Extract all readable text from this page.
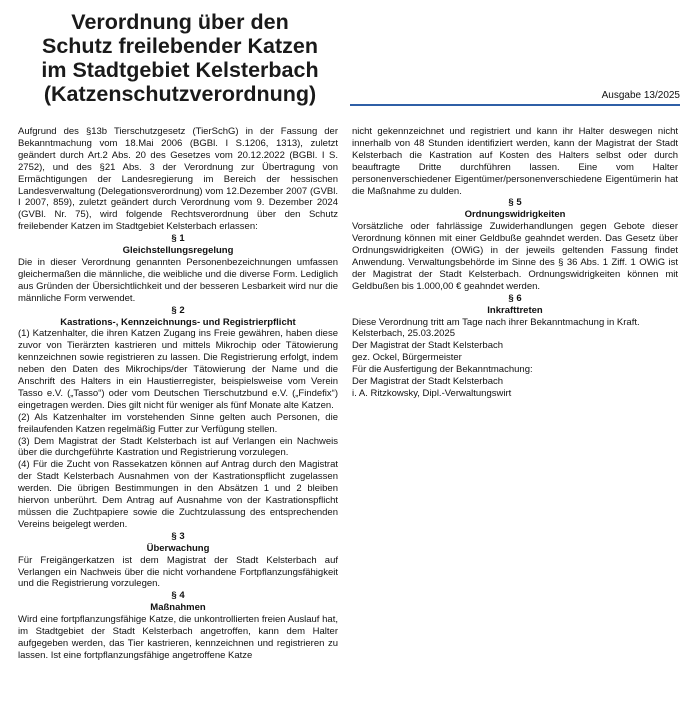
Verordnung über den
Schutz freilebender Katzen
im Stadtgebiet Kelsterbach
(Katzenschutzverordnung)	Ausgabe 13/2025

Aufgrund des §13b Tierschutzgesetz (TierSchG) in der Fassung der Bekanntmachung vom 18.Mai 2006 (BGBl. I S.1206, 1313), zuletzt geändert durch Art.2 Abs. 20 des Gesetzes vom 20.12.2022 (BGBl. I S. 2752), und des §21 Abs. 3 der Verordnung zur Übertragung von Ermächtigungen der Landesregierung im Bereich der hessischen Landesverwaltung (Delegationsverordnung) vom 12.Dezember 2007 (GVBl. I 2007, 859), zuletzt geändert durch Verordnung vom 9. Dezember 2024 (GVBl. Nr. 75), wird folgende Rechtsverordnung über den Schutz freilebender Katzen im Stadtgebiet Kelsterbach erlassen:

§ 1

Gleichstellungsregelung

Die in dieser Verordnung genannten Personenbezeichnungen umfassen gleichermaßen die männliche, die weibliche und die diverse Form. Lediglich aus Gründen der Übersichtlichkeit und der besseren Lesbarkeit wird nur die männliche Form verwendet.

§ 2

Kastrations-, Kennzeichnungs- und Registrierpflicht

(1) Katzenhalter, die ihren Katzen Zugang ins Freie gewähren, haben diese zuvor von Tierärzten kastrieren und mittels Mikrochip oder Tätowierung kennzeichnen sowie registrieren zu lassen. Die Registrierung erfolgt, indem neben den Daten des Mikrochips/der Tätowierung der Name und die Anschrift des Halters in ein Haustierregister, beispielsweise vom Verein Tasso e.V. („Tasso“) oder vom Deutschen Tierschutzbund e.V. („Findefix“) eingetragen werden. Dies gilt nicht für weniger als fünf Monate alte Katzen.

(2) Als Katzenhalter im vorstehenden Sinne gelten auch Personen, die freilaufenden Katzen regelmäßig Futter zur Verfügung stellen.

(3) Dem Magistrat der Stadt Kelsterbach ist auf Verlangen ein Nachweis über die durchgeführte Kastration und Registrierung vorzulegen.

(4) Für die Zucht von Rassekatzen können auf Antrag durch den Magistrat der Stadt Kelsterbach Ausnahmen von der Kastrationspflicht zugelassen werden. Die übrigen Bestimmungen in den Absätzen 1 und 2 bleiben hiervon unberührt. Dem Antrag auf Ausnahme von der Kastrationspflicht müssen die Zuchtpapiere sowie die Zuchtzulassung des entsprechenden Vereins beigelegt werden.

§ 3

Überwachung

Für Freigängerkatzen ist dem Magistrat der Stadt Kelsterbach auf Verlangen ein Nachweis über die nicht vorhandene Fortpflanzungsfähigkeit und die Registrierung vorzulegen.

§ 4

Maßnahmen

Wird eine fortpflanzungsfähige Katze, die unkontrollierten freien Auslauf hat, im Stadtgebiet der Stadt Kelsterbach angetroffen, kann dem Halter aufgegeben werden, das Tier kastrieren, kennzeichnen und registrieren zu lassen. Ist eine fortpflanzungsfähige angetroffene Katze

nicht gekennzeichnet und registriert und kann ihr Halter deswegen nicht innerhalb von 48 Stunden identifiziert werden, kann der Magistrat der Stadt Kelsterbach die Kastration auf Kosten des Halters selbst oder durch beauftragte Dritte durchführen lassen. Eine vom Halter personenverschiedener Eigentümer/personenverschiedene Eigentümerin hat die Maßnahme zu dulden.

§ 5

Ordnungswidrigkeiten

Vorsätzliche oder fahrlässige Zuwiderhandlungen gegen Gebote dieser Verordnung können mit einer Geldbuße geahndet werden. Das Gesetz über Ordnungswidrigkeiten (OWiG) in der jeweils geltenden Fassung findet Anwendung. Verwaltungsbehörde im Sinne des § 36 Abs. 1 Ziff. 1 OWiG ist der Magistrat der Stadt Kelsterbach. Ordnungswidrigkeiten können mit Geldbußen bis 1.000,00 € geahndet werden.

§ 6

Inkrafttreten

Diese Verordnung tritt am Tage nach ihrer Bekanntmachung in Kraft.

Kelsterbach, 25.03.2025

Der Magistrat der Stadt Kelsterbach

gez. Ockel, Bürgermeister

Für die Ausfertigung der Bekanntmachung:

Der Magistrat der Stadt Kelsterbach

i. A. Ritzkowsky, Dipl.-Verwaltungswirt
